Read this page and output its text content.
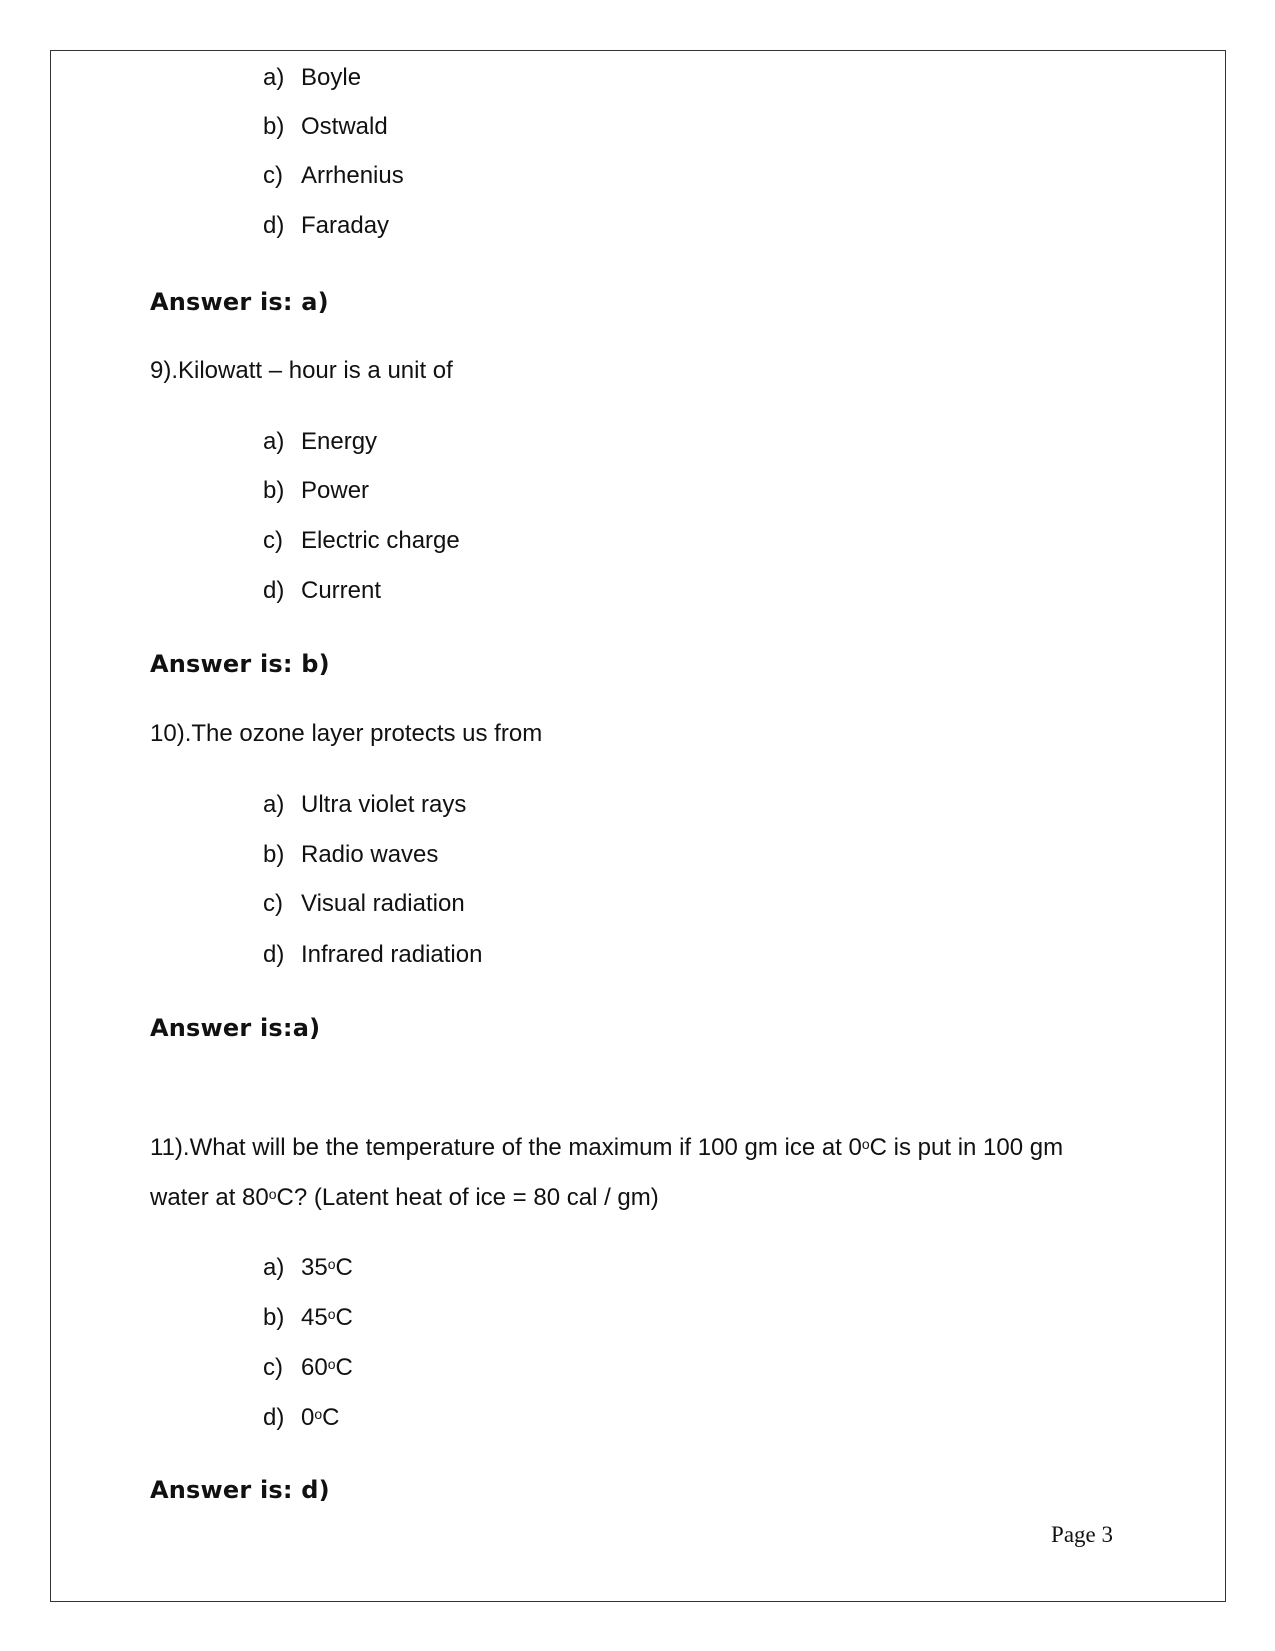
a) Boyle
b) Ostwald
c) Arrhenius
d) Faraday
Answer is: a)
9).Kilowatt – hour is a unit of
a) Energy
b) Power
c) Electric charge
d) Current
Answer is: b)
10).The ozone layer protects us from
a) Ultra violet rays
b) Radio waves
c) Visual radiation
d) Infrared radiation
Answer is:a)
11).What will be the temperature of the maximum if 100 gm ice at 0$^o$C is put in 100 gm
water at 80$^o$C? (Latent heat of ice = 80 cal / gm)
a) 35$^o$C
b) 45$^o$C
c) 60$^o$C
d) 0$^o$C
Answer is: d)
Page 3
